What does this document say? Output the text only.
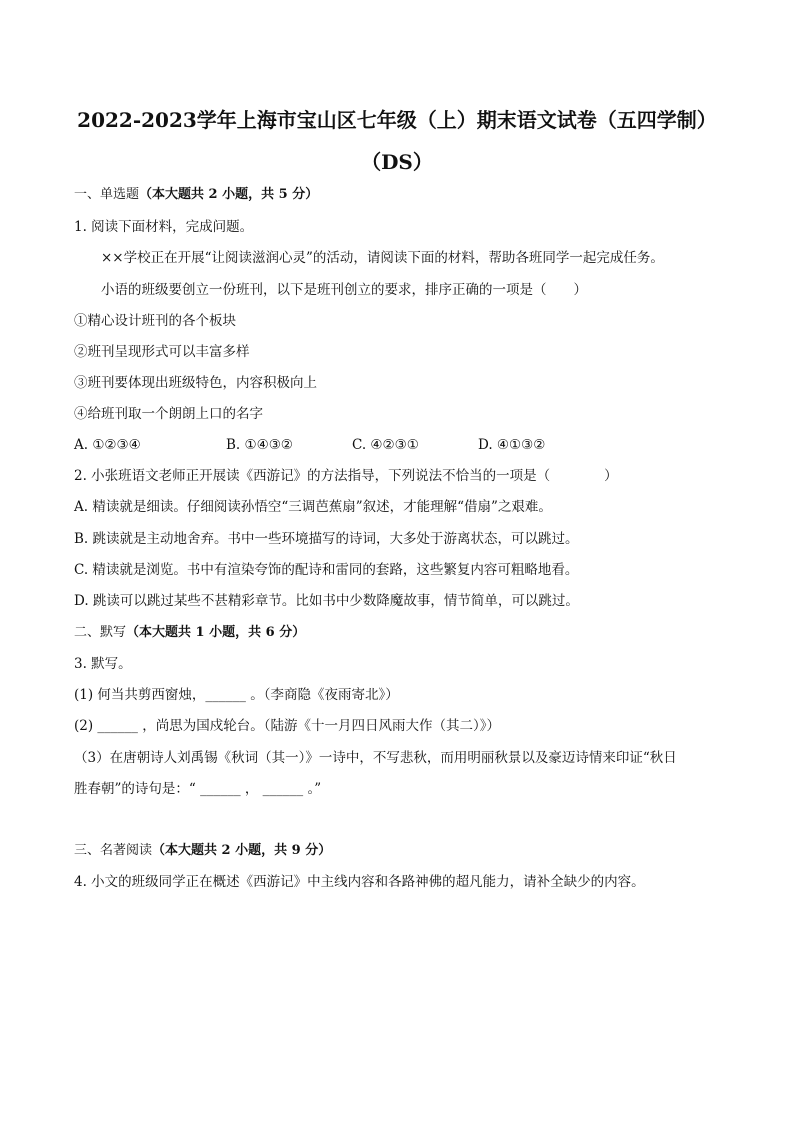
2022-2023学年上海市宝山区七年级（上）期末语文试卷（五四学制）
（DS）
一、单选题（本大题共 2 小题，共 5 分）
1. 阅读下面材料，完成问题。
××学校正在开展“让阅读滋润心灵”的活动，请阅读下面的材料，帮助各班同学一起完成任务。
小语的班级要创立一份班刊，以下是班刊创立的要求，排序正确的一项是（　　）
①精心设计班刊的各个板块
②班刊呈现形式可以丰富多样
③班刊要体现出班级特色，内容积极向上
④给班刊取一个朗朗上口的名字
A. ①②③④	B. ①④③②	C. ④②③①	D. ④①③②
2. 小张班语文老师正开展读《西游记》的方法指导，下列说法不恰当的一项是（　　　　）
A. 精读就是细读。仔细阅读孙悟空“三调芭蕉扇”叙述，才能理解“借扇”之艰难。
B. 跳读就是主动地舍弃。书中一些环境描写的诗词，大多处于游离状态，可以跳过。
C. 精读就是浏览。书中有渲染夸饰的配诗和雷同的套路，这些繁复内容可粗略地看。
D. 跳读可以跳过某些不甚精彩章节。比如书中少数降魔故事，情节简单，可以跳过。
二、默写（本大题共 1 小题，共 6 分）
3. 默写。
(1) 何当共剪西窗烛，______ 。（李商隐《夜雨寄北》）
(2) ______ ，尚思为国戍轮台。（陆游《十一月四日风雨大作（其二）》）
（3）在唐朝诗人刘禹锡《秋词（其一）》一诗中，不写悲秋，而用明丽秋景以及豪迈诗情来印证“秋日
胜春朝”的诗句是：“ ______ ， ______ 。”
三、名著阅读（本大题共 2 小题，共 9 分）
4. 小文的班级同学正在概述《西游记》中主线内容和各路神佛的超凡能力，请补全缺少的内容。
